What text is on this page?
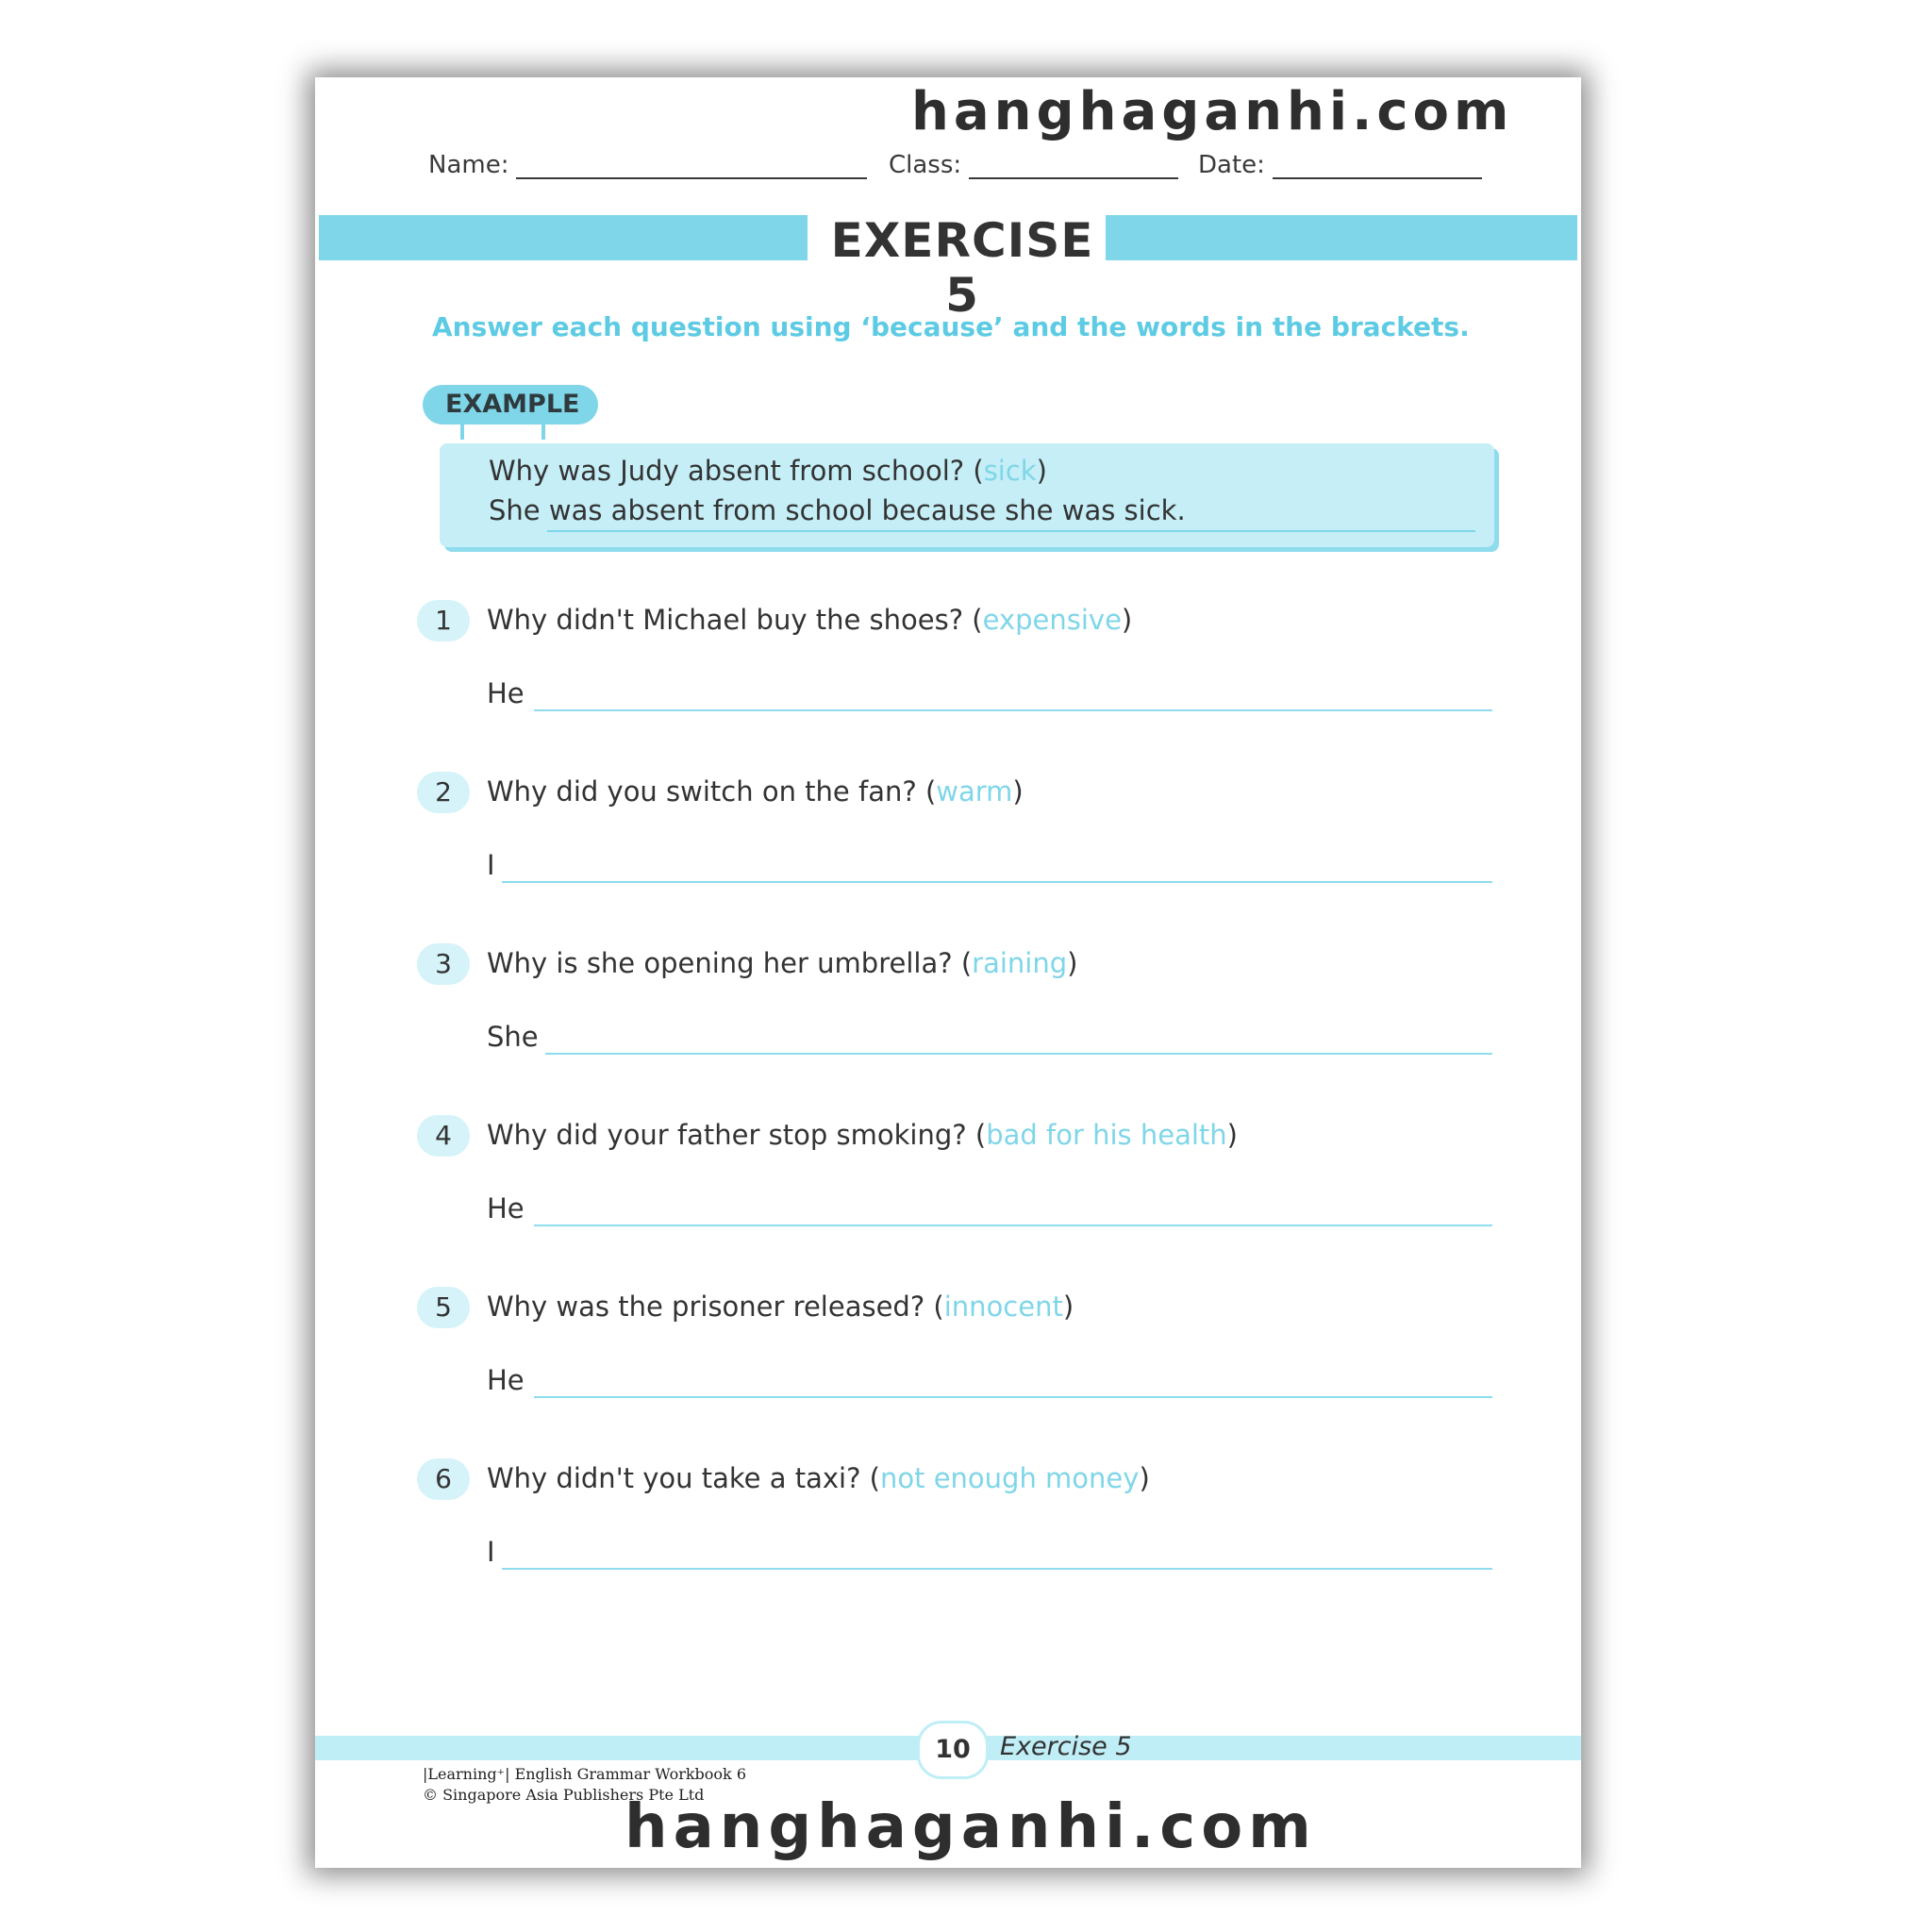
hanghaganhi.com
Name:	Class:	Date:
EXERCISE 5
Answer each question using ‘because’ and the words in the brackets.
EXAMPLE
Why was Judy absent from school? (sick)
She was absent from school because she was sick.
1	Why didn't Michael buy the shoes? (expensive)
He
2	Why did you switch on the fan? (warm)
I
3	Why is she opening her umbrella? (raining)
She
4	Why did your father stop smoking? (bad for his health)
He
5	Why was the prisoner released? (innocent)
He
6	Why didn't you take a taxi? (not enough money)
I
10	Exercise 5
|Learning⁺| English Grammar Workbook 6
© Singapore Asia Publishers Pte Ltd
hanghaganhi.com
